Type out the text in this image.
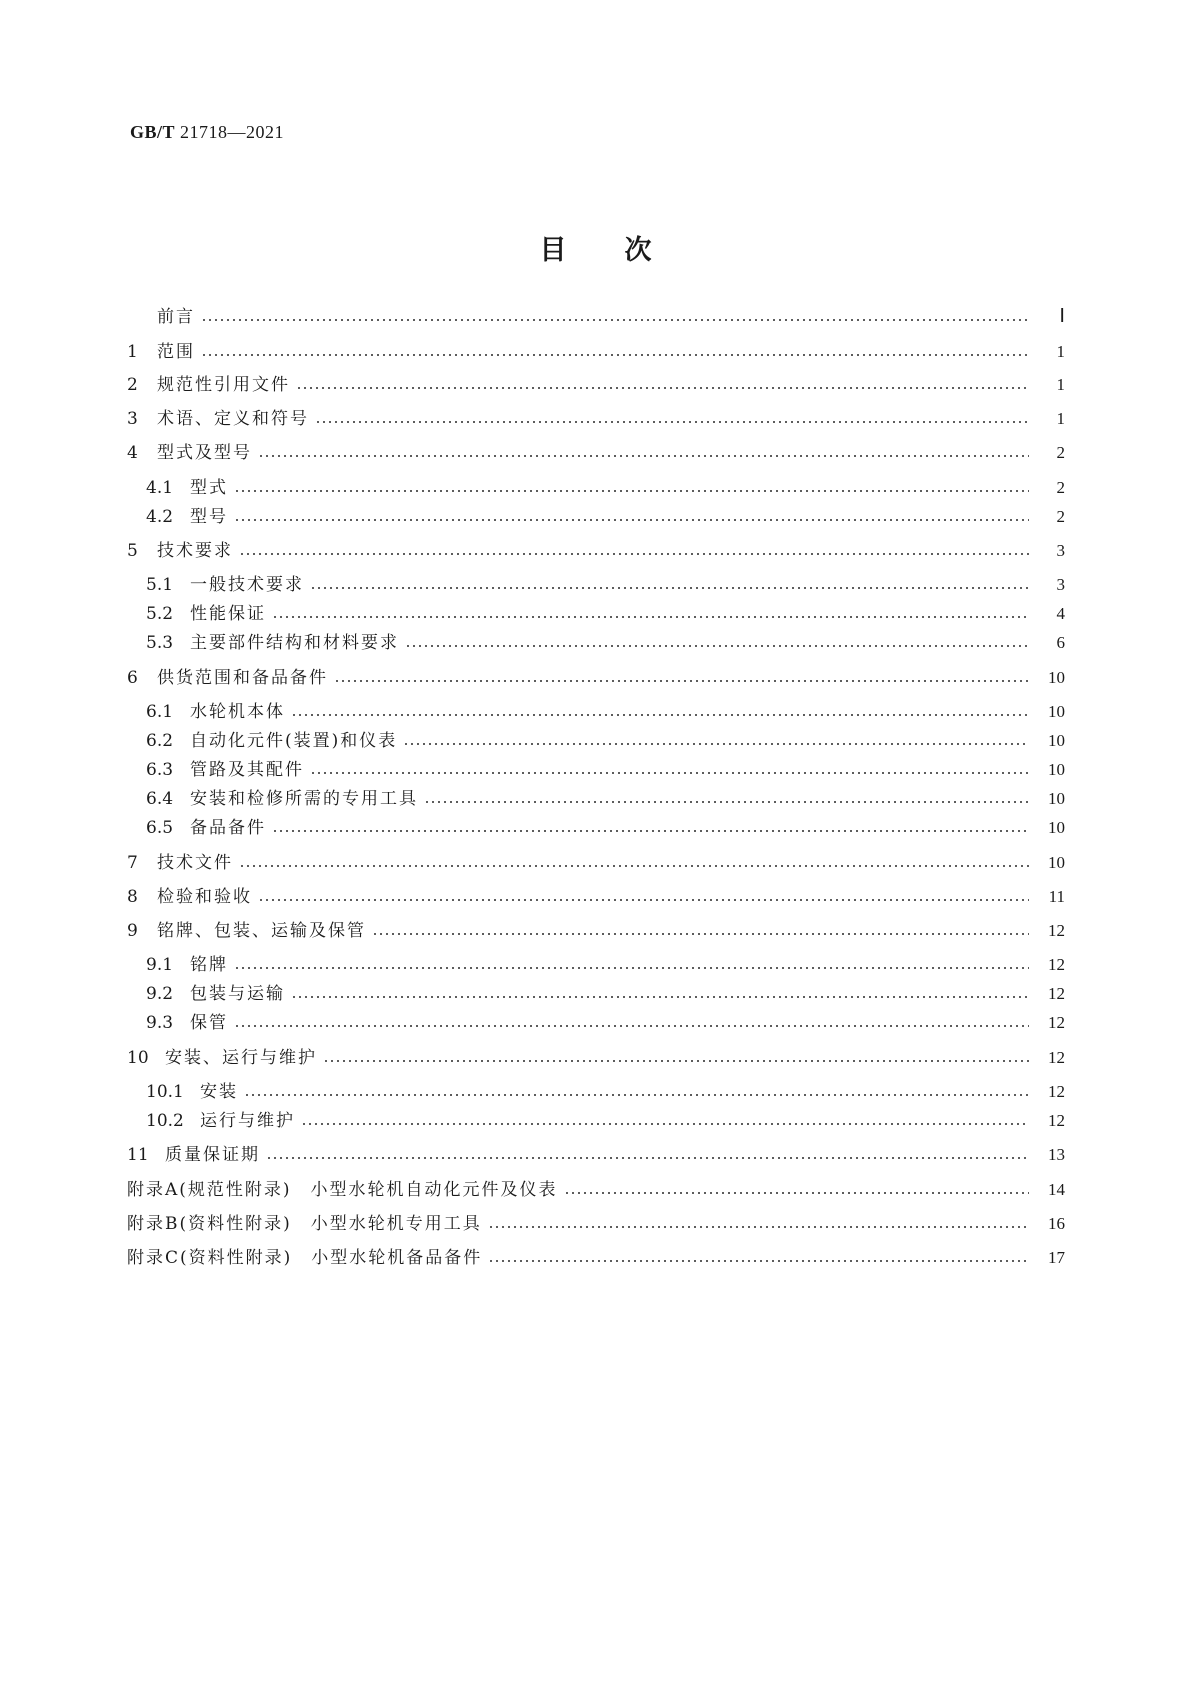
GB/T 21718—2021
目次
前言	Ⅰ
1	范围	1
2	规范性引用文件	1
3	术语、定义和符号	1
4	型式及型号	2
4.1 型式	2
4.2 型号	2
5	技术要求	3
5.1 一般技术要求	3
5.2 性能保证	4
5.3 主要部件结构和材料要求	6
6	供货范围和备品备件	10
6.1 水轮机本体	10
6.2 自动化元件(装置)和仪表	10
6.3 管路及其配件	10
6.4 安装和检修所需的专用工具	10
6.5 备品备件	10
7	技术文件	10
8	检验和验收	11
9	铭牌、包装、运输及保管	12
9.1 铭牌	12
9.2 包装与运输	12
9.3 保管	12
10 安装、运行与维护	12
10.1 安装	12
10.2 运行与维护	12
11 质量保证期	13
附录A (规范性附录)　小型水轮机自动化元件及仪表	14
附录B (资料性附录)　小型水轮机专用工具	16
附录C (资料性附录)　小型水轮机备品备件	17
